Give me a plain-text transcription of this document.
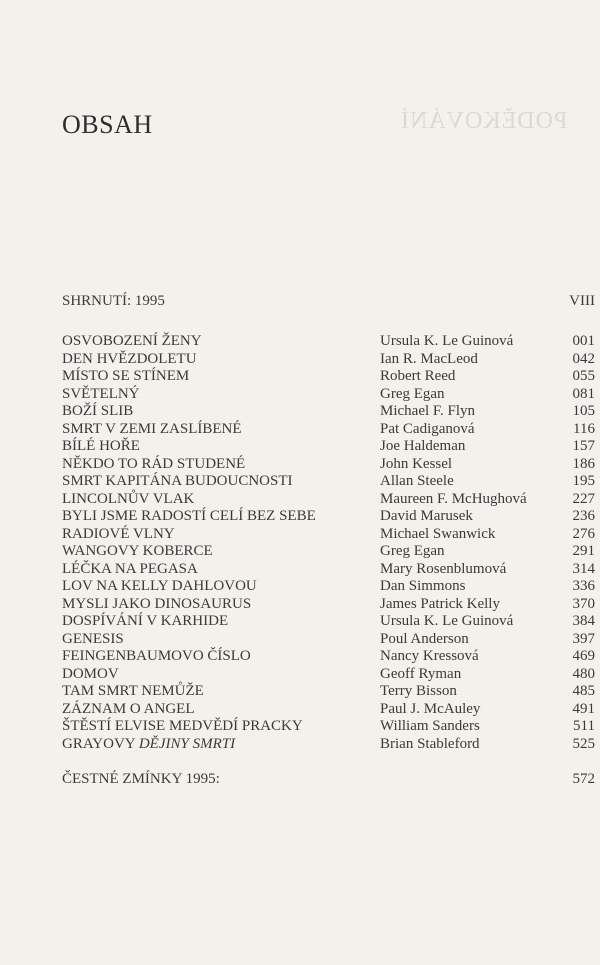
PODĚKOVÁNÍ
OBSAH
SHRNUTÍ: 1995	VIII
OSVOBOZENÍ ŽENY	Ursula K. Le Guinová	001
DEN HVĚZDOLETU	Ian R. MacLeod	042
MÍSTO SE STÍNEM	Robert Reed	055
SVĚTELNÝ	Greg Egan	081
BOŽÍ SLIB	Michael F. Flyn	105
SMRT V ZEMI ZASLÍBENÉ	Pat Cadiganová	116
BÍLÉ HOŘE	Joe Haldeman	157
NĚKDO TO RÁD STUDENÉ	John Kessel	186
SMRT KAPITÁNA BUDOUCNOSTI	Allan Steele	195
LINCOLNŮV VLAK	Maureen F. McHughová	227
BYLI JSME RADOSTÍ CELÍ BEZ SEBE	David Marusek	236
RADIOVÉ VLNY	Michael Swanwick	276
WANGOVY KOBERCE	Greg Egan	291
LÉČKA NA PEGASA	Mary Rosenblumová	314
LOV NA KELLY DAHLOVOU	Dan Simmons	336
MYSLI JAKO DINOSAURUS	James Patrick Kelly	370
DOSPÍVÁNÍ V KARHIDE	Ursula K. Le Guinová	384
GENESIS	Poul Anderson	397
FEINGENBAUMOVO ČÍSLO	Nancy Kressová	469
DOMOV	Geoff Ryman	480
TAM SMRT NEMŮŽE	Terry Bisson	485
ZÁZNAM O ANGEL	Paul J. McAuley	491
ŠTĚSTÍ ELVISE MEDVĚDÍ PRACKY	William Sanders	511
GRAYOVY DĚJINY SMRTI	Brian Stableford	525
ČESTNÉ ZMÍNKY 1995:	572
